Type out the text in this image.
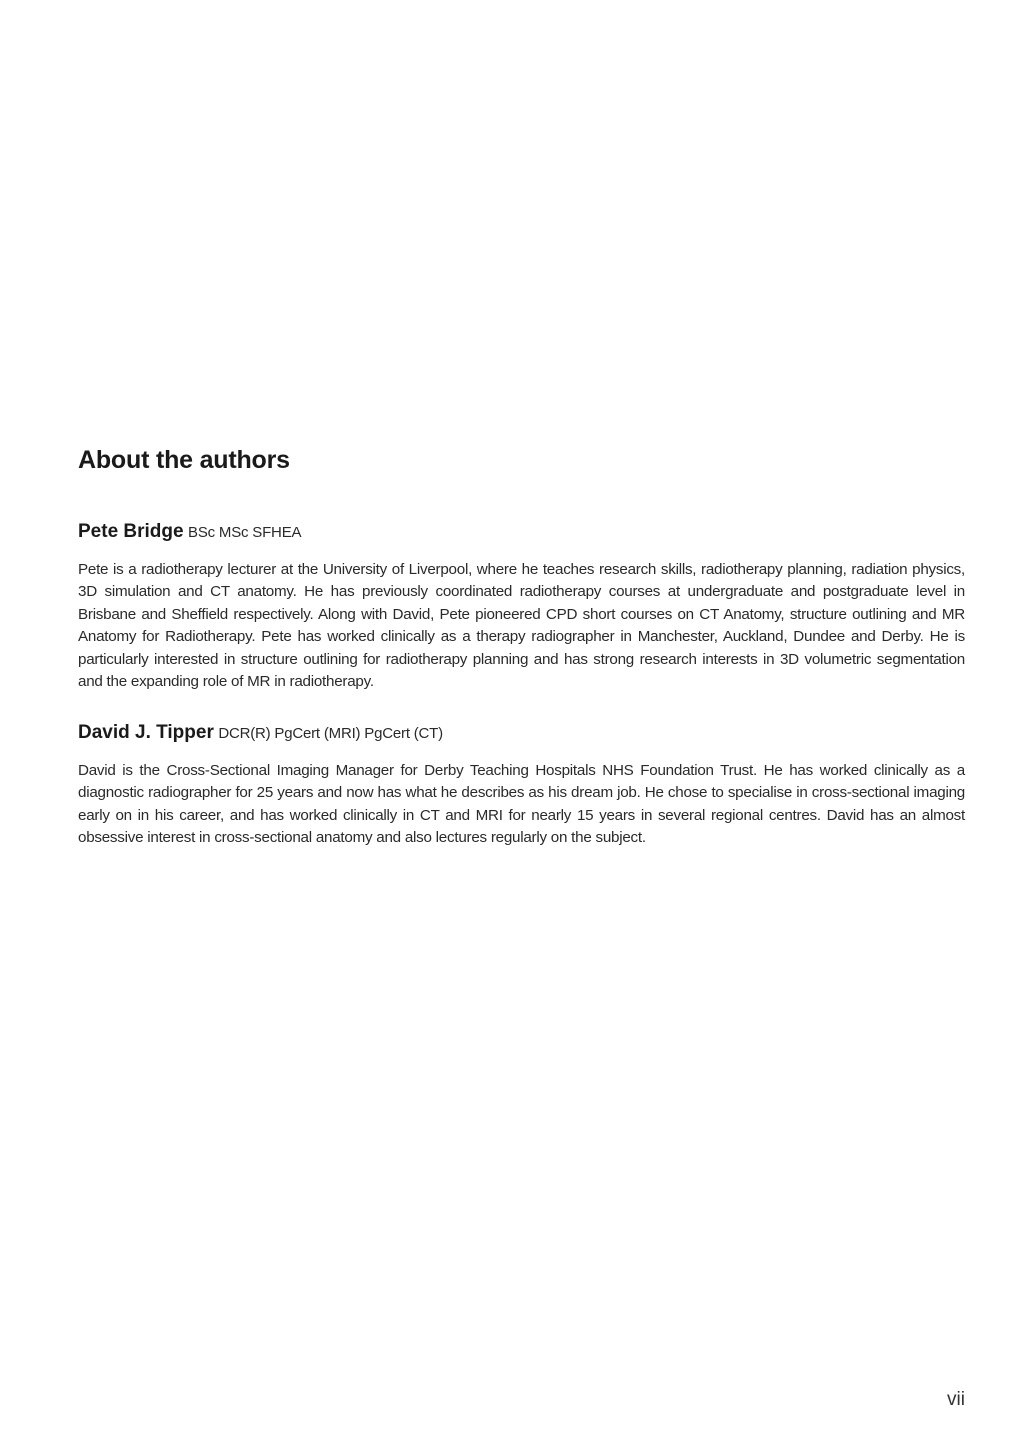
About the authors

Pete Bridge BSc MSc SFHEA

Pete is a radiotherapy lecturer at the University of Liverpool, where he teaches research skills, radiotherapy planning, radiation physics, 3D simulation and CT anatomy. He has previously coordinated radiotherapy courses at undergraduate and postgraduate level in Brisbane and Sheffield respectively. Along with David, Pete pioneered CPD short courses on CT Anatomy, structure outlining and MR Anatomy for Radiotherapy. Pete has worked clinically as a therapy radiographer in Manchester, Auckland, Dundee and Derby. He is particularly interested in structure outlining for radiotherapy planning and has strong research interests in 3D volumetric segmentation and the expanding role of MR in radiotherapy.

David J. Tipper DCR(R) PgCert (MRI) PgCert (CT)

David is the Cross-Sectional Imaging Manager for Derby Teaching Hospitals NHS Foundation Trust. He has worked clinically as a diagnostic radiographer for 25 years and now has what he describes as his dream job. He chose to specialise in cross-sectional imaging early on in his career, and has worked clinically in CT and MRI for nearly 15 years in several regional centres. David has an almost obsessive interest in cross-sectional anatomy and also lectures regularly on the subject.

vii
